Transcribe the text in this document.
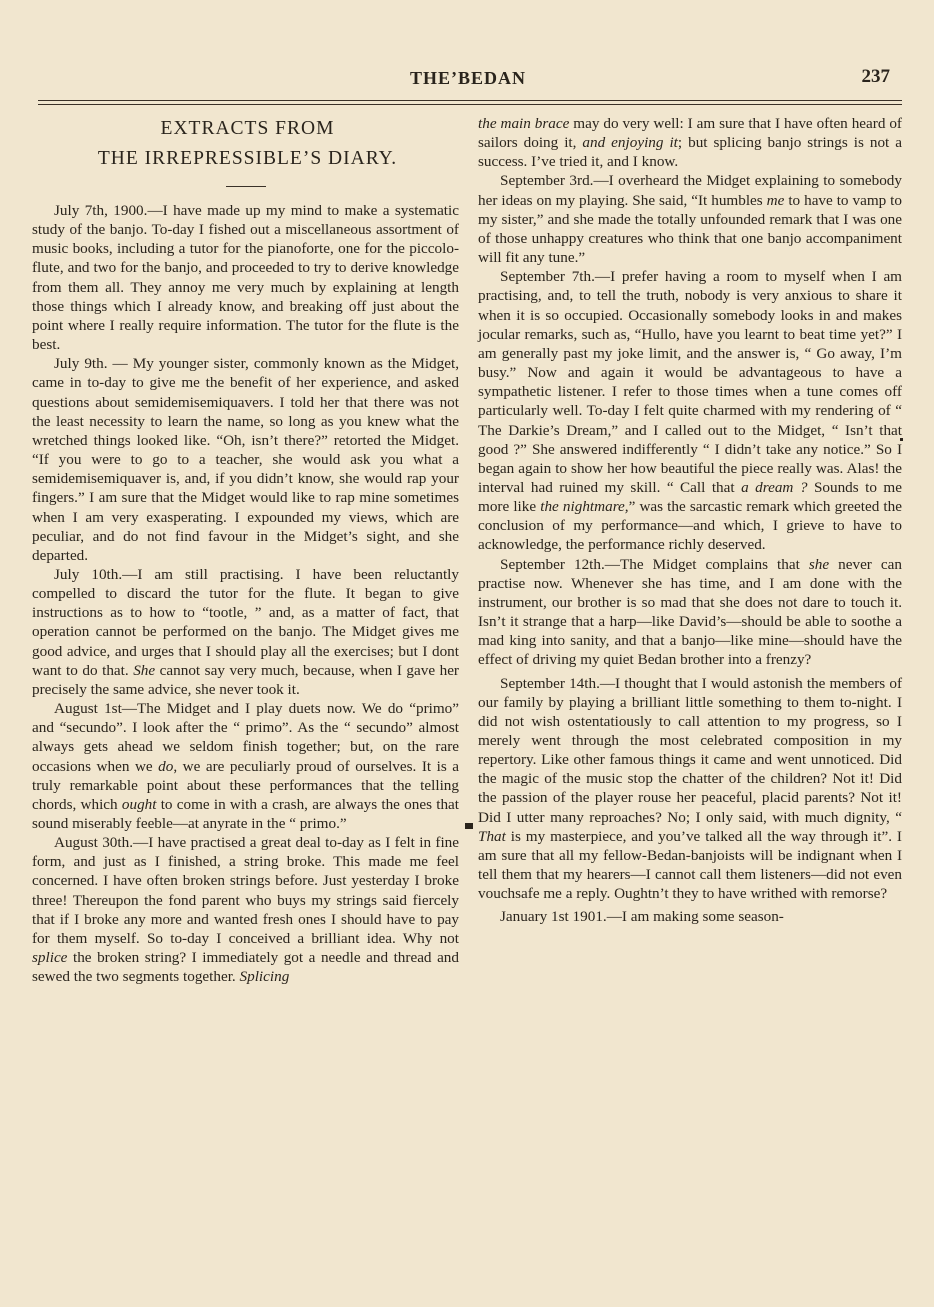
THE’BEDAN	237
EXTRACTS FROM
THE IRREPRESSIBLE’S DIARY.

July 7th, 1900.—I have made up my mind to make a systematic study of the banjo. To-day I fished out a miscellaneous assortment of music books, including a tutor for the pianoforte, one for the piccolo-flute, and two for the banjo, and proceeded to try to derive knowledge from them all. They annoy me very much by explaining at length those things which I already know, and breaking off just about the point where I really require information. The tutor for the flute is the best.

July 9th. — My younger sister, commonly known as the Midget, came in to-day to give me the benefit of her experience, and asked questions about semidemisemiquavers. I told her that there was not the least necessity to learn the name, so long as you knew what the wretched things looked like. “Oh, isn’t there?” retorted the Midget. “If you were to go to a teacher, she would ask you what a semidemisemiquaver is, and, if you didn’t know, she would rap your fingers.” I am sure that the Midget would like to rap mine sometimes when I am very exasperating. I expounded my views, which are peculiar, and do not find favour in the Midget’s sight, and she departed.

July 10th.—I am still practising. I have been reluctantly compelled to discard the tutor for the flute. It began to give instructions as to how to “tootle, ” and, as a matter of fact, that operation cannot be performed on the banjo. The Midget gives me good advice, and urges that I should play all the exercises; but I dont want to do that. She cannot say very much, because, when I gave her precisely the same advice, she never took it.

August 1st—The Midget and I play duets now. We do “primo” and “secundo”. I look after the “ primo”. As the “ secundo” almost always gets ahead we seldom finish together; but, on the rare occasions when we do, we are peculiarly proud of ourselves. It is a truly remarkable point about these performances that the telling chords, which ought to come in with a crash, are always the ones that sound miserably feeble—at anyrate in the “ primo.”

August 30th.—I have practised a great deal to-day as I felt in fine form, and just as I finished, a string broke. This made me feel concerned. I have often broken strings before. Just yesterday I broke three! Thereupon the fond parent who buys my strings said fiercely that if I broke any more and wanted fresh ones I should have to pay for them myself. So to-day I conceived a brilliant idea. Why not splice the broken string? I immediately got a needle and thread and sewed the two segments together. Splicing

the main brace may do very well: I am sure that I have often heard of sailors doing it, and enjoying it; but splicing banjo strings is not a success. I’ve tried it, and I know.

September 3rd.—I overheard the Midget explaining to somebody her ideas on my playing. She said, “It humbles me to have to vamp to my sister,” and she made the totally unfounded remark that I was one of those unhappy creatures who think that one banjo accompaniment will fit any tune.”

September 7th.—I prefer having a room to myself when I am practising, and, to tell the truth, nobody is very anxious to share it when it is so occupied. Occasionally somebody looks in and makes jocular remarks, such as, “Hullo, have you learnt to beat time yet?” I am generally past my joke limit, and the answer is, “ Go away, I’m busy.” Now and again it would be advantageous to have a sympathetic listener. I refer to those times when a tune comes off particularly well. To-day I felt quite charmed with my rendering of “ The Darkie’s Dream,” and I called out to the Midget, “ Isn’t that good ?” She answered indifferently “ I didn’t take any notice.” So I began again to show her how beautiful the piece really was. Alas! the interval had ruined my skill. “ Call that a dream ? Sounds to me more like the nightmare,” was the sarcastic remark which greeted the conclusion of my performance—and which, I grieve to have to acknowledge, the performance richly deserved.

September 12th.—The Midget complains that she never can practise now. Whenever she has time, and I am done with the instrument, our brother is so mad that she does not dare to touch it. Isn’t it strange that a harp—like David’s—should be able to soothe a mad king into sanity, and that a banjo—like mine—should have the effect of driving my quiet Bedan brother into a frenzy?

September 14th.—I thought that I would astonish the members of our family by playing a brilliant little something to them to-night. I did not wish ostentatiously to call attention to my progress, so I merely went through the most celebrated composition in my repertory. Like other famous things it came and went unnoticed. Did the magic of the music stop the chatter of the children? Not it! Did the passion of the player rouse her peaceful, placid parents? Not it! Did I utter many reproaches? No; I only said, with much dignity, “ That is my masterpiece, and you’ve talked all the way through it”. I am sure that all my fellow-Bedan-banjoists will be indignant when I tell them that my hearers—I cannot call them listeners—did not even vouchsafe me a reply. Oughtn’t they to have writhed with remorse?

January 1st 1901.—I am making some season-
